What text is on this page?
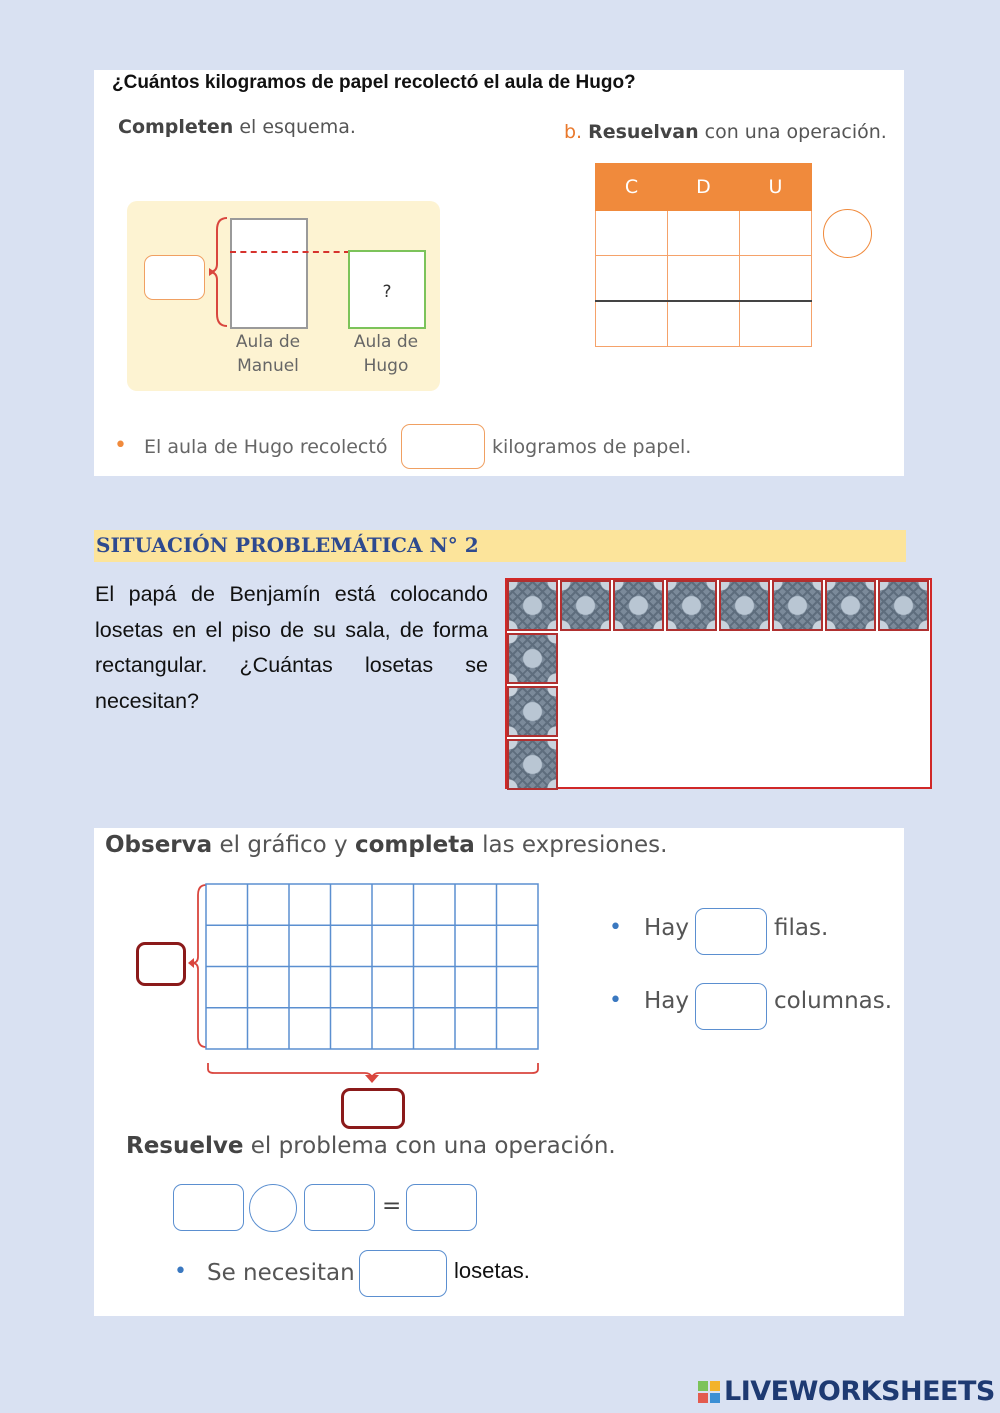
¿Cuántos kilogramos de papel recolectó el aula de Hugo?
Completen el esquema.	b. Resuelvan con una operación.
?
Aula de
Manuel
Aula de
Hugo
C	D	U

• El aula de Hugo recolectó	kilogramos de papel.
SITUACIÓN PROBLEMÁTICA N° 2
El papá de Benjamín está colocando losetas en el piso de su sala, de forma rectangular. ¿Cuántas losetas se necesitan?
Observa el gráfico y completa las expresiones.
• Hay	filas.
• Hay	columnas.
Resuelve el problema con una operación.
=
• Se necesitan	losetas.
LIVEWORKSHEETS
